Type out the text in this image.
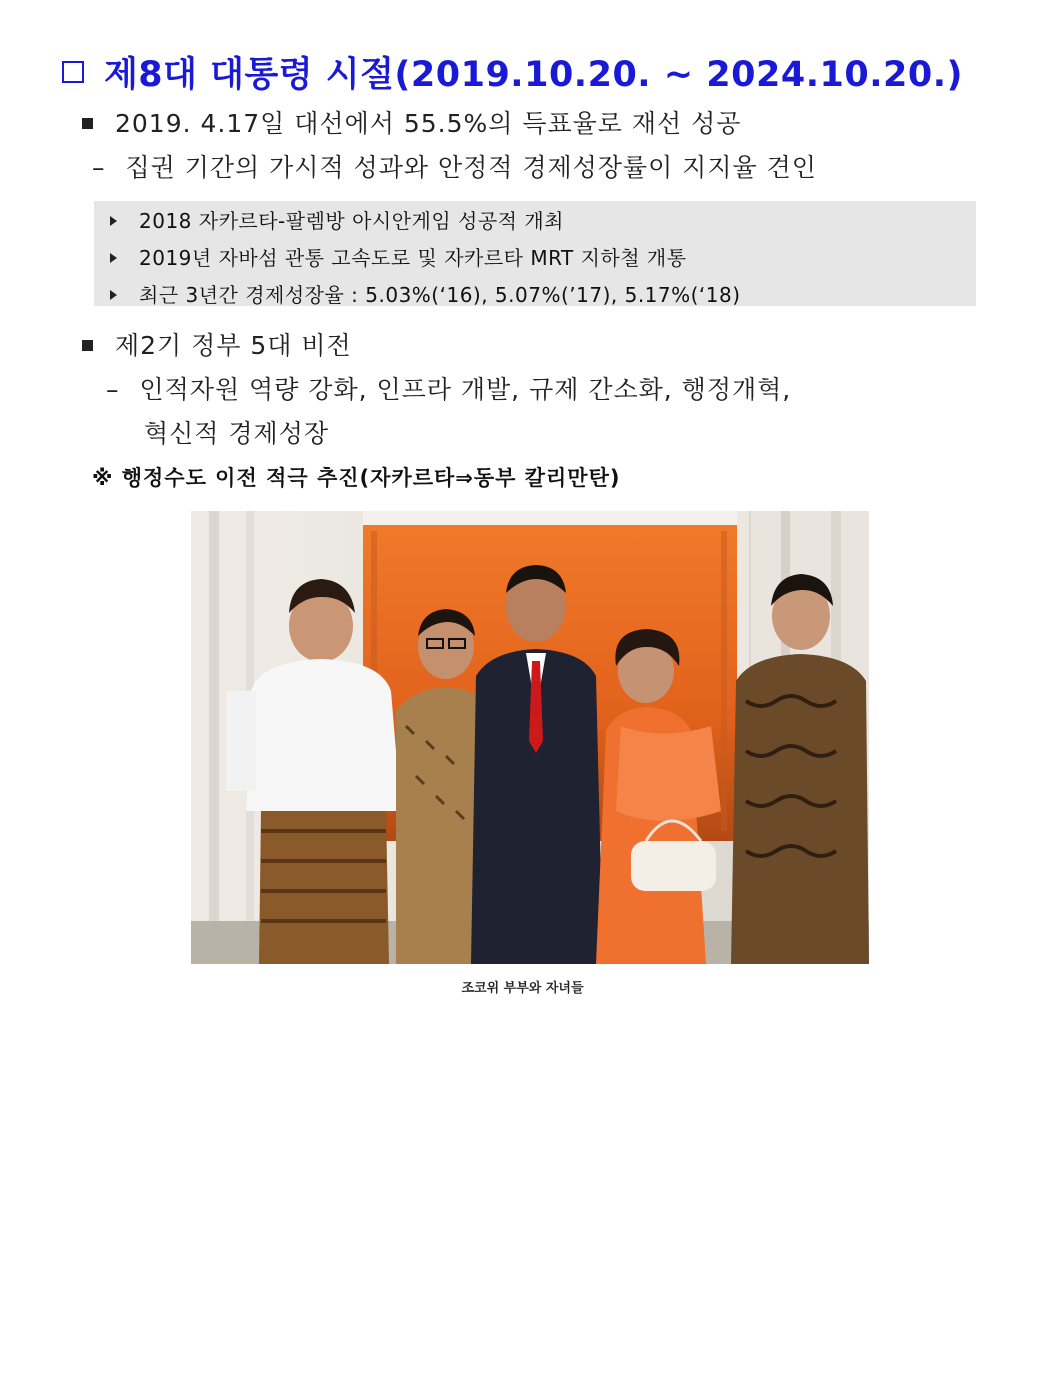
제8대 대통령 시절(2019.10.20. ~ 2024.10.20.)
2019. 4.17일 대선에서 55.5%의 득표율로 재선 성공
– 집권 기간의 가시적 성과와 안정적 경제성장률이 지지율 견인
2018 자카르타-팔렘방 아시안게임 성공적 개최
2019년 자바섬 관통 고속도로 및 자카르타 MRT 지하철 개통
최근 3년간 경제성장율 : 5.03%(‘16), 5.07%(’17), 5.17%(‘18)
제2기 정부 5대 비전
– 인적자원 역량 강화, 인프라 개발, 규제 간소화, 행정개혁,
혁신적 경제성장
※ 행정수도 이전 적극 추진(자카르타⇒동부 칼리만탄)
조코위 부부와 자녀들
